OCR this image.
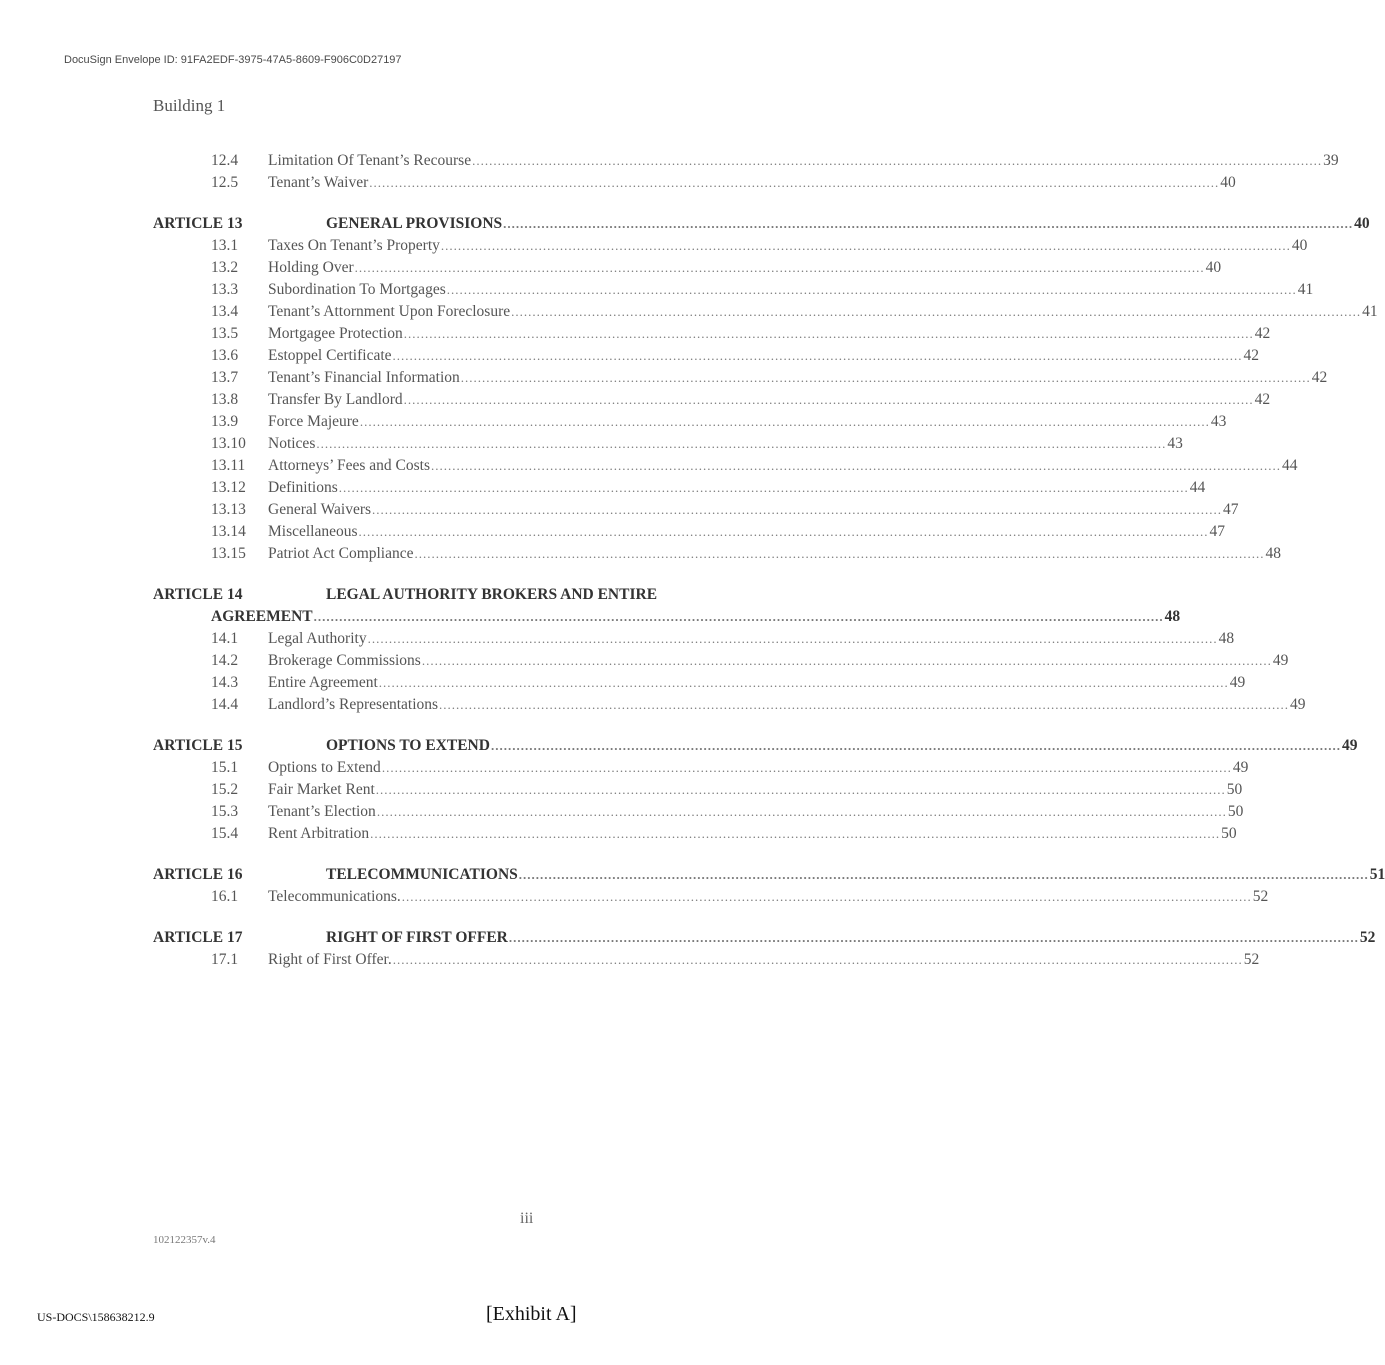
DocuSign Envelope ID: 91FA2EDF-3975-47A5-8609-F906C0D27197
Building 1
12.4	Limitation Of Tenant’s Recourse ........................................................................................................................................................................................................ 39
12.5	Tenant’s Waiver ........................................................................................................................................................................................................ 40
ARTICLE 13	GENERAL PROVISIONS ........................................................................................................................................................................................................ 40
13.1	Taxes On Tenant’s Property ........................................................................................................................................................................................................ 40
13.2	Holding Over ........................................................................................................................................................................................................ 40
13.3	Subordination To Mortgages ........................................................................................................................................................................................................ 41
13.4	Tenant’s Attornment Upon Foreclosure ........................................................................................................................................................................................................ 41
13.5	Mortgagee Protection ........................................................................................................................................................................................................ 42
13.6	Estoppel Certificate ........................................................................................................................................................................................................ 42
13.7	Tenant’s Financial Information ........................................................................................................................................................................................................ 42
13.8	Transfer By Landlord ........................................................................................................................................................................................................ 42
13.9	Force Majeure ........................................................................................................................................................................................................ 43
13.10	Notices ........................................................................................................................................................................................................ 43
13.11	Attorneys’ Fees and Costs ........................................................................................................................................................................................................ 44
13.12	Definitions ........................................................................................................................................................................................................ 44
13.13	General Waivers ........................................................................................................................................................................................................ 47
13.14	Miscellaneous ........................................................................................................................................................................................................ 47
13.15	Patriot Act Compliance ........................................................................................................................................................................................................ 48
ARTICLE 14	LEGAL AUTHORITY BROKERS AND ENTIRE
AGREEMENT ........................................................................................................................................................................................................ 48
14.1	Legal Authority ........................................................................................................................................................................................................ 48
14.2	Brokerage Commissions ........................................................................................................................................................................................................ 49
14.3	Entire Agreement ........................................................................................................................................................................................................ 49
14.4	Landlord’s Representations ........................................................................................................................................................................................................ 49
ARTICLE 15	OPTIONS TO EXTEND ........................................................................................................................................................................................................ 49
15.1	Options to Extend ........................................................................................................................................................................................................ 49
15.2	Fair Market Rent ........................................................................................................................................................................................................ 50
15.3	Tenant’s Election ........................................................................................................................................................................................................ 50
15.4	Rent Arbitration ........................................................................................................................................................................................................ 50
ARTICLE 16	TELECOMMUNICATIONS ........................................................................................................................................................................................................ 51
16.1	Telecommunications. ........................................................................................................................................................................................................ 52
ARTICLE 17	RIGHT OF FIRST OFFER ........................................................................................................................................................................................................ 52
17.1	Right of First Offer. ........................................................................................................................................................................................................ 52
iii
102122357v.4
US-DOCS\158638212.9	[Exhibit A]
